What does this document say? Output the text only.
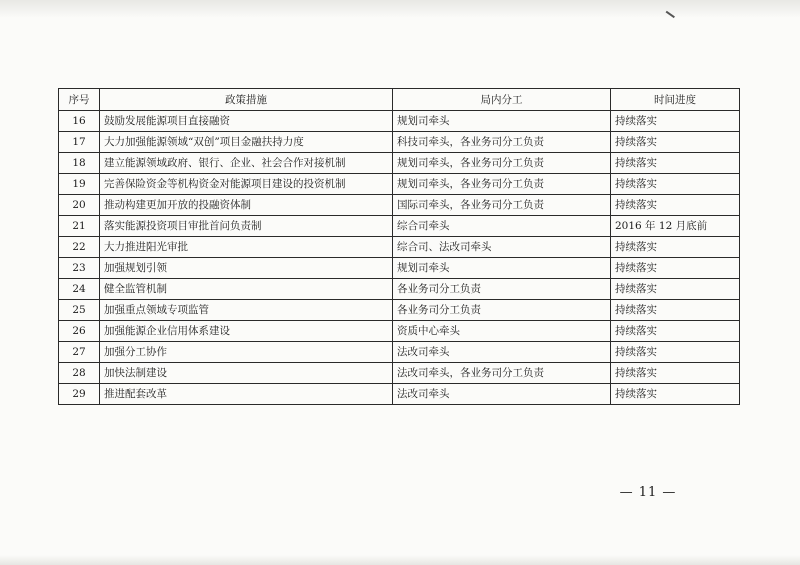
序号	政策措施	局内分工	时间进度
16	鼓励发展能源项目直接融资	规划司牵头	持续落实
17	大力加强能源领域“双创”项目金融扶持力度	科技司牵头，各业务司分工负责	持续落实
18	建立能源领域政府、银行、企业、社会合作对接机制	规划司牵头，各业务司分工负责	持续落实
19	完善保险资金等机构资金对能源项目建设的投资机制	规划司牵头，各业务司分工负责	持续落实
20	推动构建更加开放的投融资体制	国际司牵头，各业务司分工负责	持续落实
21	落实能源投资项目审批首问负责制	综合司牵头	2016 年 12 月底前
22	大力推进阳光审批	综合司、法改司牵头	持续落实
23	加强规划引领	规划司牵头	持续落实
24	健全监管机制	各业务司分工负责	持续落实
25	加强重点领域专项监管	各业务司分工负责	持续落实
26	加强能源企业信用体系建设	资质中心牵头	持续落实
27	加强分工协作	法改司牵头	持续落实
28	加快法制建设	法改司牵头，各业务司分工负责	持续落实
29	推进配套改革	法改司牵头	持续落实
— 11 —
